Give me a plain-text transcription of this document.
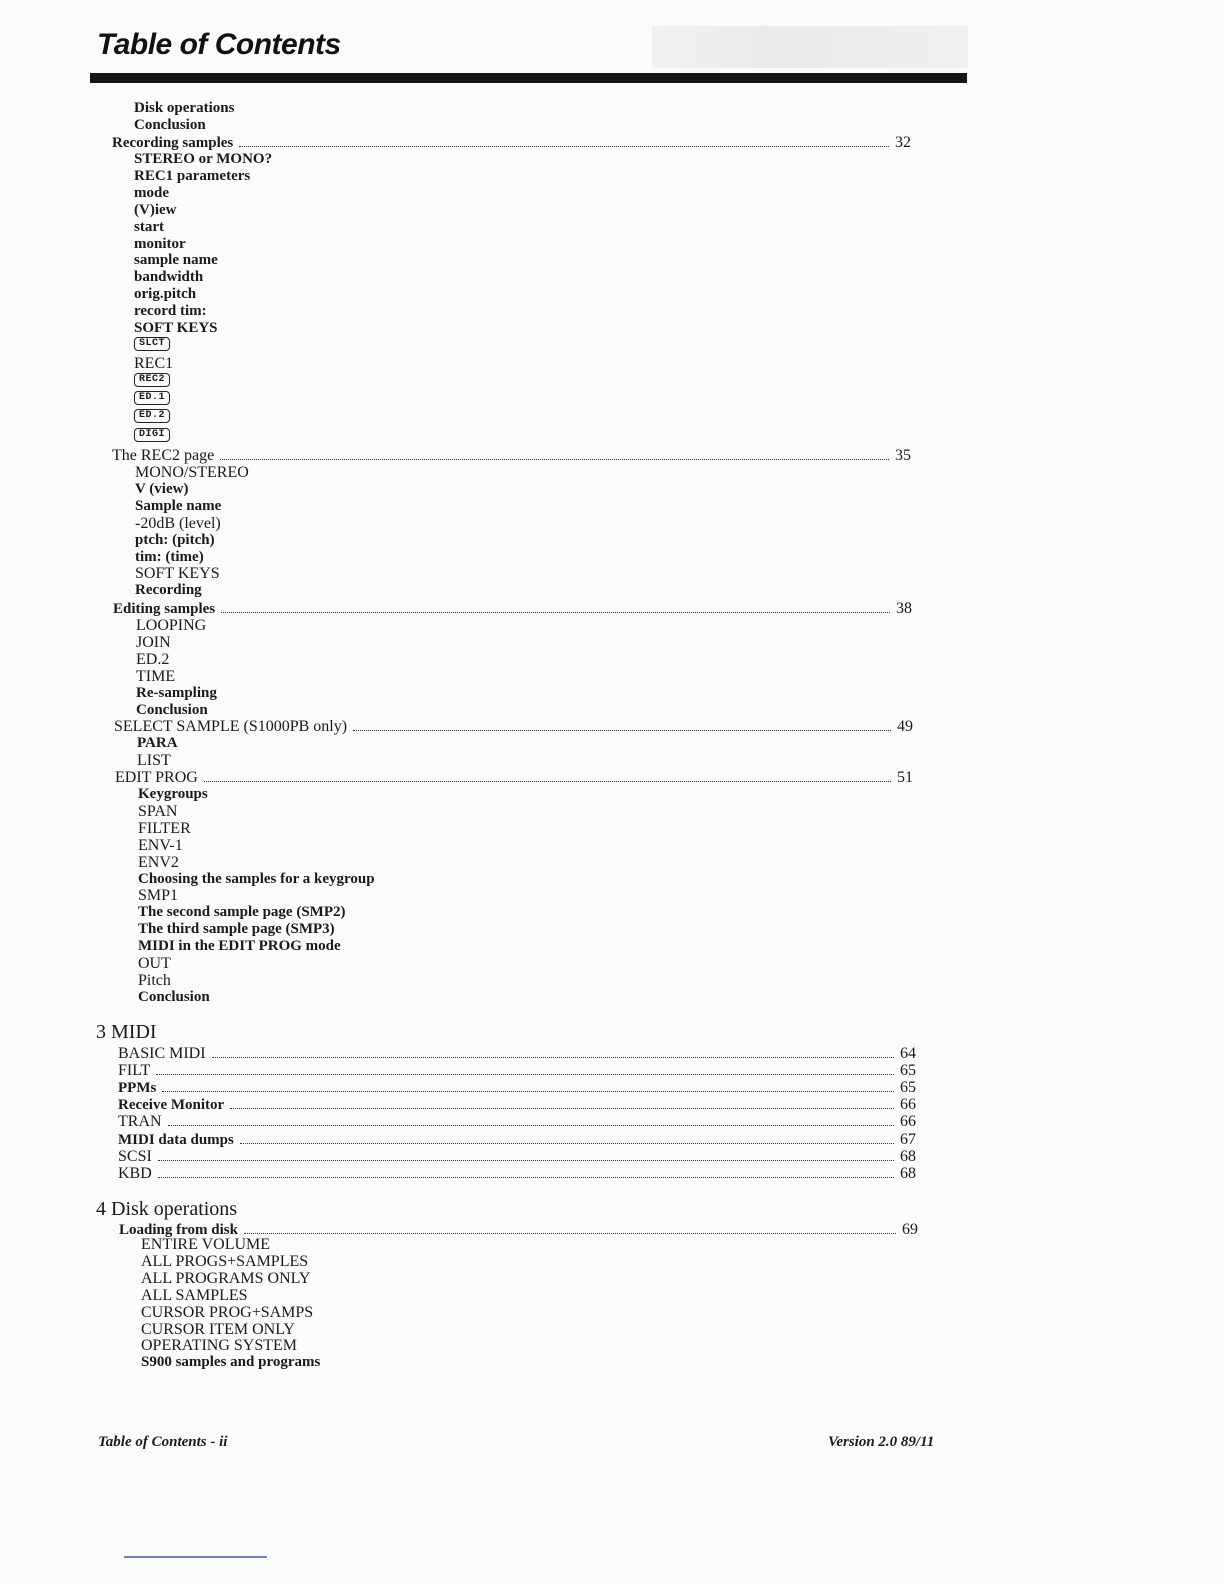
Table of Contents
3 MIDI
4 Disk operations
Disk operations
Conclusion
Recording samples	32
STEREO or MONO?
REC1 parameters
mode
(V)iew
start
monitor
sample name
bandwidth
orig.pitch
record tim:
SOFT KEYS
SLCT
REC1
REC2
ED.1
ED.2
DIGI
The REC2 page	35
MONO/STEREO
V (view)
Sample name
-20dB (level)
ptch: (pitch)
tim: (time)
SOFT KEYS
Recording
Editing samples	38
LOOPING
JOIN
ED.2
TIME
Re-sampling
Conclusion
SELECT SAMPLE (S1000PB only)	49
PARA
LIST
EDIT PROG	51
Keygroups
SPAN
FILTER
ENV-1
ENV2
Choosing the samples for a keygroup
SMP1
The second sample page (SMP2)
The third sample page (SMP3)
MIDI in the EDIT PROG mode
OUT
Pitch
Conclusion
BASIC MIDI	64
FILT	65
PPMs	65
Receive Monitor	66
TRAN	66
MIDI data dumps	67
SCSI	68
KBD	68
Loading from disk	69
ENTIRE VOLUME
ALL PROGS+SAMPLES
ALL PROGRAMS ONLY
ALL SAMPLES
CURSOR PROG+SAMPS
CURSOR ITEM ONLY
OPERATING SYSTEM
S900 samples and programs
Table of Contents - ii	Version 2.0 89/11
